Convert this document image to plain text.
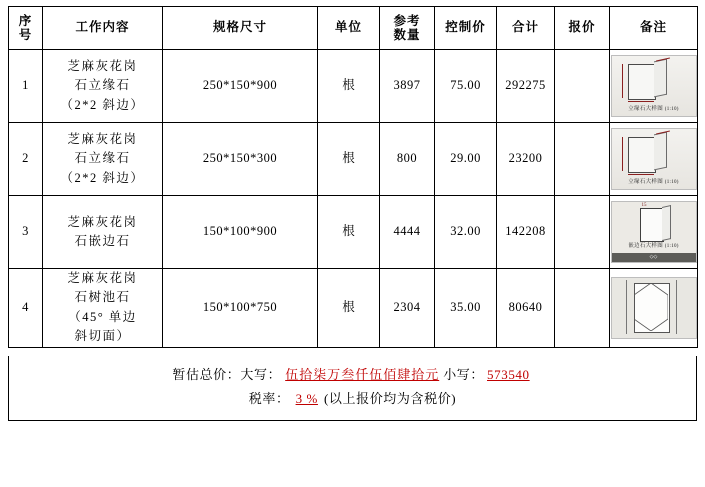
序
号	工作内容	规格尺寸	单位	参考
数量	控制价	合计	报价	备注
1	芝麻灰花岗
石立缘石
（2*2 斜边）	250*150*900	根	3897	75.00	292275		立缘石大样图 (1:10)

2	芝麻灰花岗
石立缘石
（2*2 斜边）	250*150*300	根	800	29.00	23200		立缘石大样图 (1:10)

3	
芝麻灰花岗
石嵌边石
	150*100*900	根	4444	32.00	142208		
15
嵌边石大样图 (1:10)
◇◇

4	芝麻灰花岗
石树池石
（45° 单边
斜切面）	150*100*750	根	2304	35.00	80640		
暂估总价：大写： 伍拾柒万叁仟伍佰肆拾元 小写： 573540
税率： 3 % (以上报价均为含税价)
